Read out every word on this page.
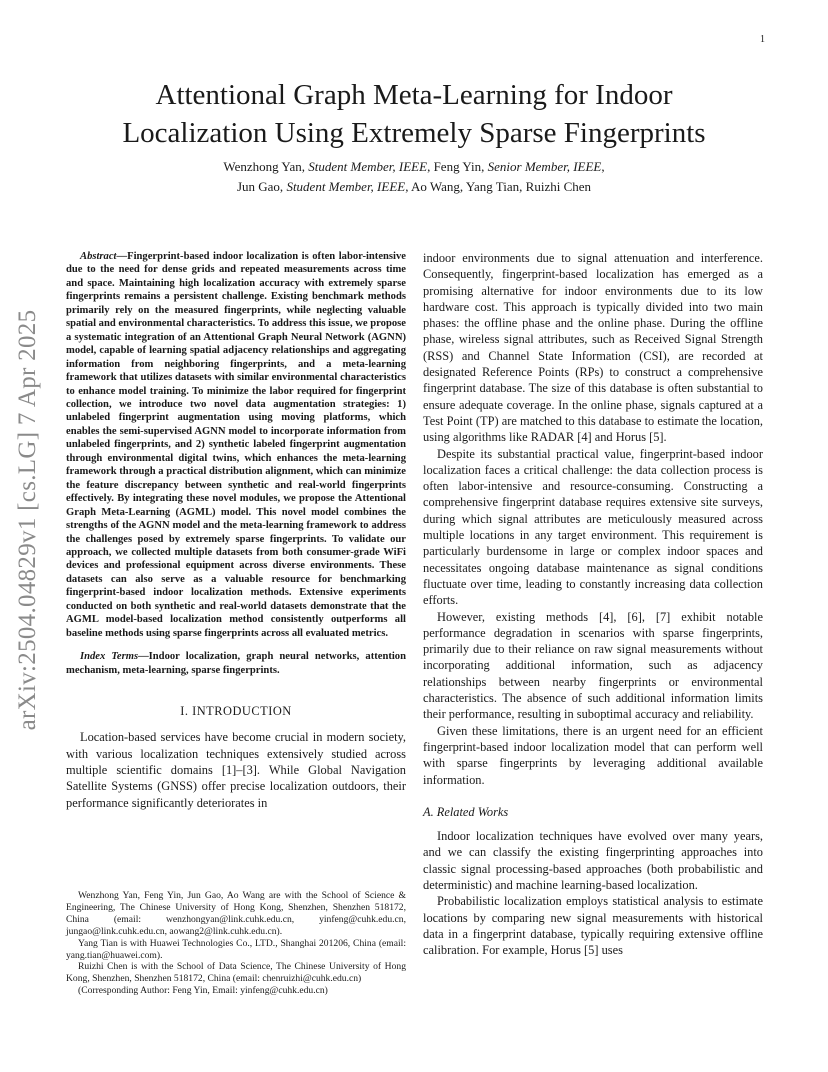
1
arXiv:2504.04829v1 [cs.LG] 7 Apr 2025
Attentional Graph Meta-Learning for Indoor
Localization Using Extremely Sparse Fingerprints
Wenzhong Yan, Student Member, IEEE, Feng Yin, Senior Member, IEEE,
Jun Gao, Student Member, IEEE, Ao Wang, Yang Tian, Ruizhi Chen

Abstract—Fingerprint-based indoor localization is often labor-intensive due to the need for dense grids and repeated measurements across time and space. Maintaining high localization accuracy with extremely sparse fingerprints remains a persistent challenge. Existing benchmark methods primarily rely on the measured fingerprints, while neglecting valuable spatial and environmental characteristics. To address this issue, we propose a systematic integration of an Attentional Graph Neural Network (AGNN) model, capable of learning spatial adjacency relationships and aggregating information from neighboring fingerprints, and a meta-learning framework that utilizes datasets with similar environmental characteristics to enhance model training. To minimize the labor required for fingerprint collection, we introduce two novel data augmentation strategies: 1) unlabeled fingerprint augmentation using moving platforms, which enables the semi-supervised AGNN model to incorporate information from unlabeled fingerprints, and 2) synthetic labeled fingerprint augmentation through environmental digital twins, which enhances the meta-learning framework through a practical distribution alignment, which can minimize the feature discrepancy between synthetic and real-world fingerprints effectively. By integrating these novel modules, we propose the Attentional Graph Meta-Learning (AGML) model. This novel model combines the strengths of the AGNN model and the meta-learning framework to address the challenges posed by extremely sparse fingerprints. To validate our approach, we collected multiple datasets from both consumer-grade WiFi devices and professional equipment across diverse environments. These datasets can also serve as a valuable resource for benchmarking fingerprint-based indoor localization methods. Extensive experiments conducted on both synthetic and real-world datasets demonstrate that the AGML model-based localization method consistently outperforms all baseline methods using sparse fingerprints across all evaluated metrics.

Index Terms—Indoor localization, graph neural networks, attention mechanism, meta-learning, sparse fingerprints.

I. INTRODUCTION

Location-based services have become crucial in modern society, with various localization techniques extensively studied across multiple scientific domains [1]–[3]. While Global Navigation Satellite Systems (GNSS) offer precise localization outdoors, their performance significantly deteriorates in

Wenzhong Yan, Feng Yin, Jun Gao, Ao Wang are with the School of Science & Engineering, The Chinese University of Hong Kong, Shenzhen, Shenzhen 518172, China (email: wenzhongyan@link.cuhk.edu.cn, yinfeng@cuhk.edu.cn, jungao@link.cuhk.edu.cn, aowang2@link.cuhk.edu.cn).

Yang Tian is with Huawei Technologies Co., LTD., Shanghai 201206, China (email: yang.tian@huawei.com).

Ruizhi Chen is with the School of Data Science, The Chinese University of Hong Kong, Shenzhen, Shenzhen 518172, China (email: chenruizhi@cuhk.edu.cn)

(Corresponding Author: Feng Yin, Email: yinfeng@cuhk.edu.cn)

indoor environments due to signal attenuation and interference. Consequently, fingerprint-based localization has emerged as a promising alternative for indoor environments due to its low hardware cost. This approach is typically divided into two main phases: the offline phase and the online phase. During the offline phase, wireless signal attributes, such as Received Signal Strength (RSS) and Channel State Information (CSI), are recorded at designated Reference Points (RPs) to construct a comprehensive fingerprint database. The size of this database is often substantial to ensure adequate coverage. In the online phase, signals captured at a Test Point (TP) are matched to this database to estimate the location, using algorithms like RADAR [4] and Horus [5].

Despite its substantial practical value, fingerprint-based indoor localization faces a critical challenge: the data collection process is often labor-intensive and resource-consuming. Constructing a comprehensive fingerprint database requires extensive site surveys, during which signal attributes are meticulously measured across multiple locations in any target environment. This requirement is particularly burdensome in large or complex indoor spaces and necessitates ongoing database maintenance as signal conditions fluctuate over time, leading to constantly increasing data collection efforts.

However, existing methods [4], [6], [7] exhibit notable performance degradation in scenarios with sparse fingerprints, primarily due to their reliance on raw signal measurements without incorporating additional information, such as adjacency relationships between nearby fingerprints or environmental characteristics. The absence of such additional information limits their performance, resulting in suboptimal accuracy and reliability.

Given these limitations, there is an urgent need for an efficient fingerprint-based indoor localization model that can perform well with sparse fingerprints by leveraging additional available information.

A. Related Works

Indoor localization techniques have evolved over many years, and we can classify the existing fingerprinting approaches into classic signal processing-based approaches (both probabilistic and deterministic) and machine learning-based localization.

Probabilistic localization employs statistical analysis to estimate locations by comparing new signal measurements with historical data in a fingerprint database, typically requiring extensive offline calibration. For example, Horus [5] uses
